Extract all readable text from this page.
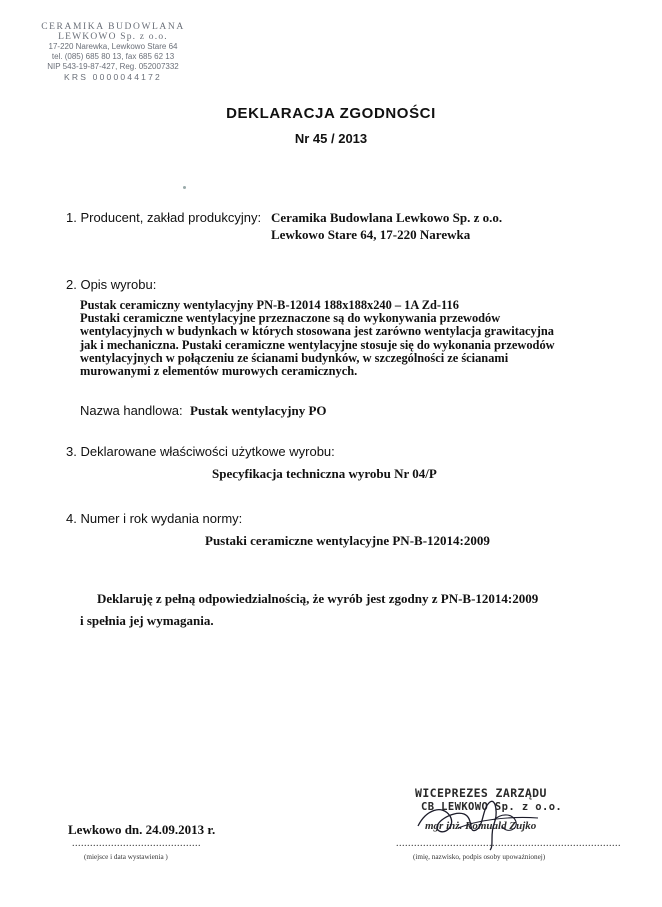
CERAMIKA BUDOWLANA
LEWKOWO Sp. z o.o.
17-220 Narewka, Lewkowo Stare 64
tel. (085) 685 80 13, fax 685 62 13
NIP 543-19-87-427, Reg. 052007332
KRS 0000044172
DEKLARACJA ZGODNOŚCI
Nr 45 / 2013
1. Producent, zakład produkcyjny: Ceramika Budowlana Lewkowo Sp. z o.o.
Lewkowo Stare 64, 17-220 Narewka
2. Opis wyrobu:
Pustak ceramiczny wentylacyjny PN-B-12014 188x188x240 – 1A Zd-116
Pustaki ceramiczne wentylacyjne przeznaczone są do wykonywania przewodów
wentylacyjnych w budynkach w których stosowana jest zarówno wentylacja grawitacyjna
jak i mechaniczna. Pustaki ceramiczne wentylacyjne stosuje się do wykonania przewodów
wentylacyjnych w połączeniu ze ścianami budynków, w szczególności ze ścianami
murowanymi z elementów murowych ceramicznych.
Nazwa handlowa: Pustak wentylacyjny PO
3. Deklarowane właściwości użytkowe wyrobu:
Specyfikacja techniczna wyrobu Nr 04/P
4. Numer i rok wydania normy:
Pustaki ceramiczne wentylacyjne PN-B-12014:2009
Deklaruję z pełną odpowiedzialnością, że wyrób jest zgodny z PN-B-12014:2009
i spełnia jej wymagania.
Lewkowo dn. 24.09.2013 r.
...........................................
(miejsce i data wystawienia )
WICEPREZES ZARZĄDU
CB LEWKOWO Sp. z o.o.
mgr inż. Romuald Zujko
...........................................................................
(imię, nazwisko, podpis osoby upoważnionej)
